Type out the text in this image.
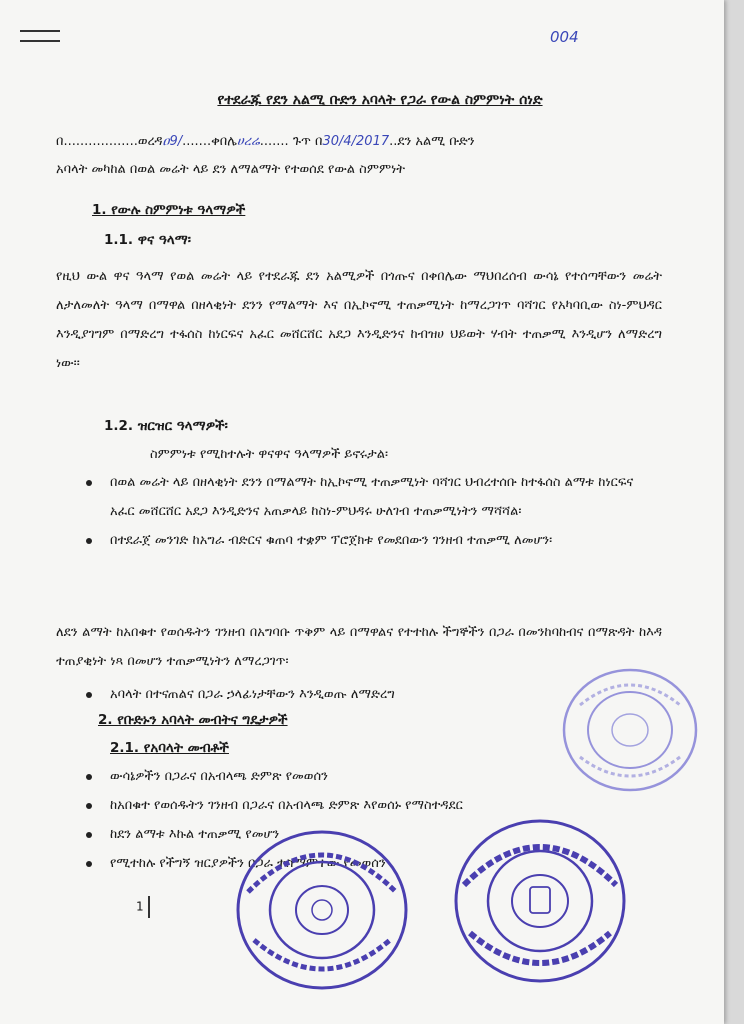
004
የተደራጁ የደን አልሚ ቡድን አባላት የጋራ የውል ስምምነት ሰነድ
በ..................ወረዳዐ9/.......ቀበሌሀረሬ....... ጉጥ በ30/4/2017..ደን አልሚ ቡድን
አባላት መካከል በወል መሬት ላይ ደን ለማልማት የተወሰደ የውል ስምምነት
1. የውሉ ስምምነቱ ዓላማዎች
1.1. ዋና ዓላማ፡
የዚህ ውል ዋና ዓላማ የወል መሬት ላይ የተደራጁ ደን አልሚዎች በጎጡና በቀበሌው ማህበረሰብ ውሳኔ የተሰጣቸውን መሬት ለታለመለት ዓላማ በማዋል በዘላቂነት ደንን የማልማት እና በኢኮኖሚ ተጠቃሚነት ከማረጋገጥ ባሻገር የአካባቢው ስነ-ምህዳር እንዲያገግም በማድረግ ተፋሰስ ከነርፍና አፈር መሸርሸር አደጋ እንዲድንና ከብዝሀ ህይወት ሃብት ተጠቃሚ እንዲሆን ለማድረግ ነው፡፡
1.2. ዝርዝር ዓላማዎች፡
ስምምነቱ የሚከተሉት ዋናዋና ዓላማዎች ይኖሩታል፡
በወል መሬት ላይ በዘላቂነት ደንን በማልማት ከኢኮኖሚ ተጠቃሚነት ባሻገር ህብረተሰቡ ከተፋሰስ ልማቱ ከነርፍና አፈር መሸርሸር አደጋ እንዲድንና አጠቃላይ ከስነ-ምህዳሩ ሁለገብ ተጠቃሚነትን ማሻሻል፡
በተደራጀ መንገድ ከአግራ ብድርና ቁጠባ ተቋም ፕሮጀክቱ የመደበውን ገንዘብ ተጠቃሚ ለመሆን፡
ለደን ልማት ከአበቁተ የወሰዱትን ገንዘብ በአግባቡ ጥቅም ላይ በማዋልና የተተከሉ ችግኞችን በጋራ በመንከባከብና በማጽዳት ከእዳ ተጠያቂነት ነጻ በመሆን ተጠቃሚነትን ለማረጋገጥ፡
አባላት በተናጠልና በጋራ ኃላፊነታቸውን እንዲወጡ ለማድረግ
2. የቡድኑን አባላት መብትና ግዴታዎች
2.1. የአባላት መብቶች
ውሳኔዎችን በጋራና በአብላጫ ድምጽ የመወሰን
ከአበቁተ የወሰዱትን ገንዘብ በጋራና በአብላጫ ድምጽ እየወሰኑ የማስተዳደር
ከደን ልማቱ እኩል ተጠቃሚ የመሆን
የሚተከሉ የችግኝ ዝርያዎችን በጋራ ተስማምተው የመወሰን
1
